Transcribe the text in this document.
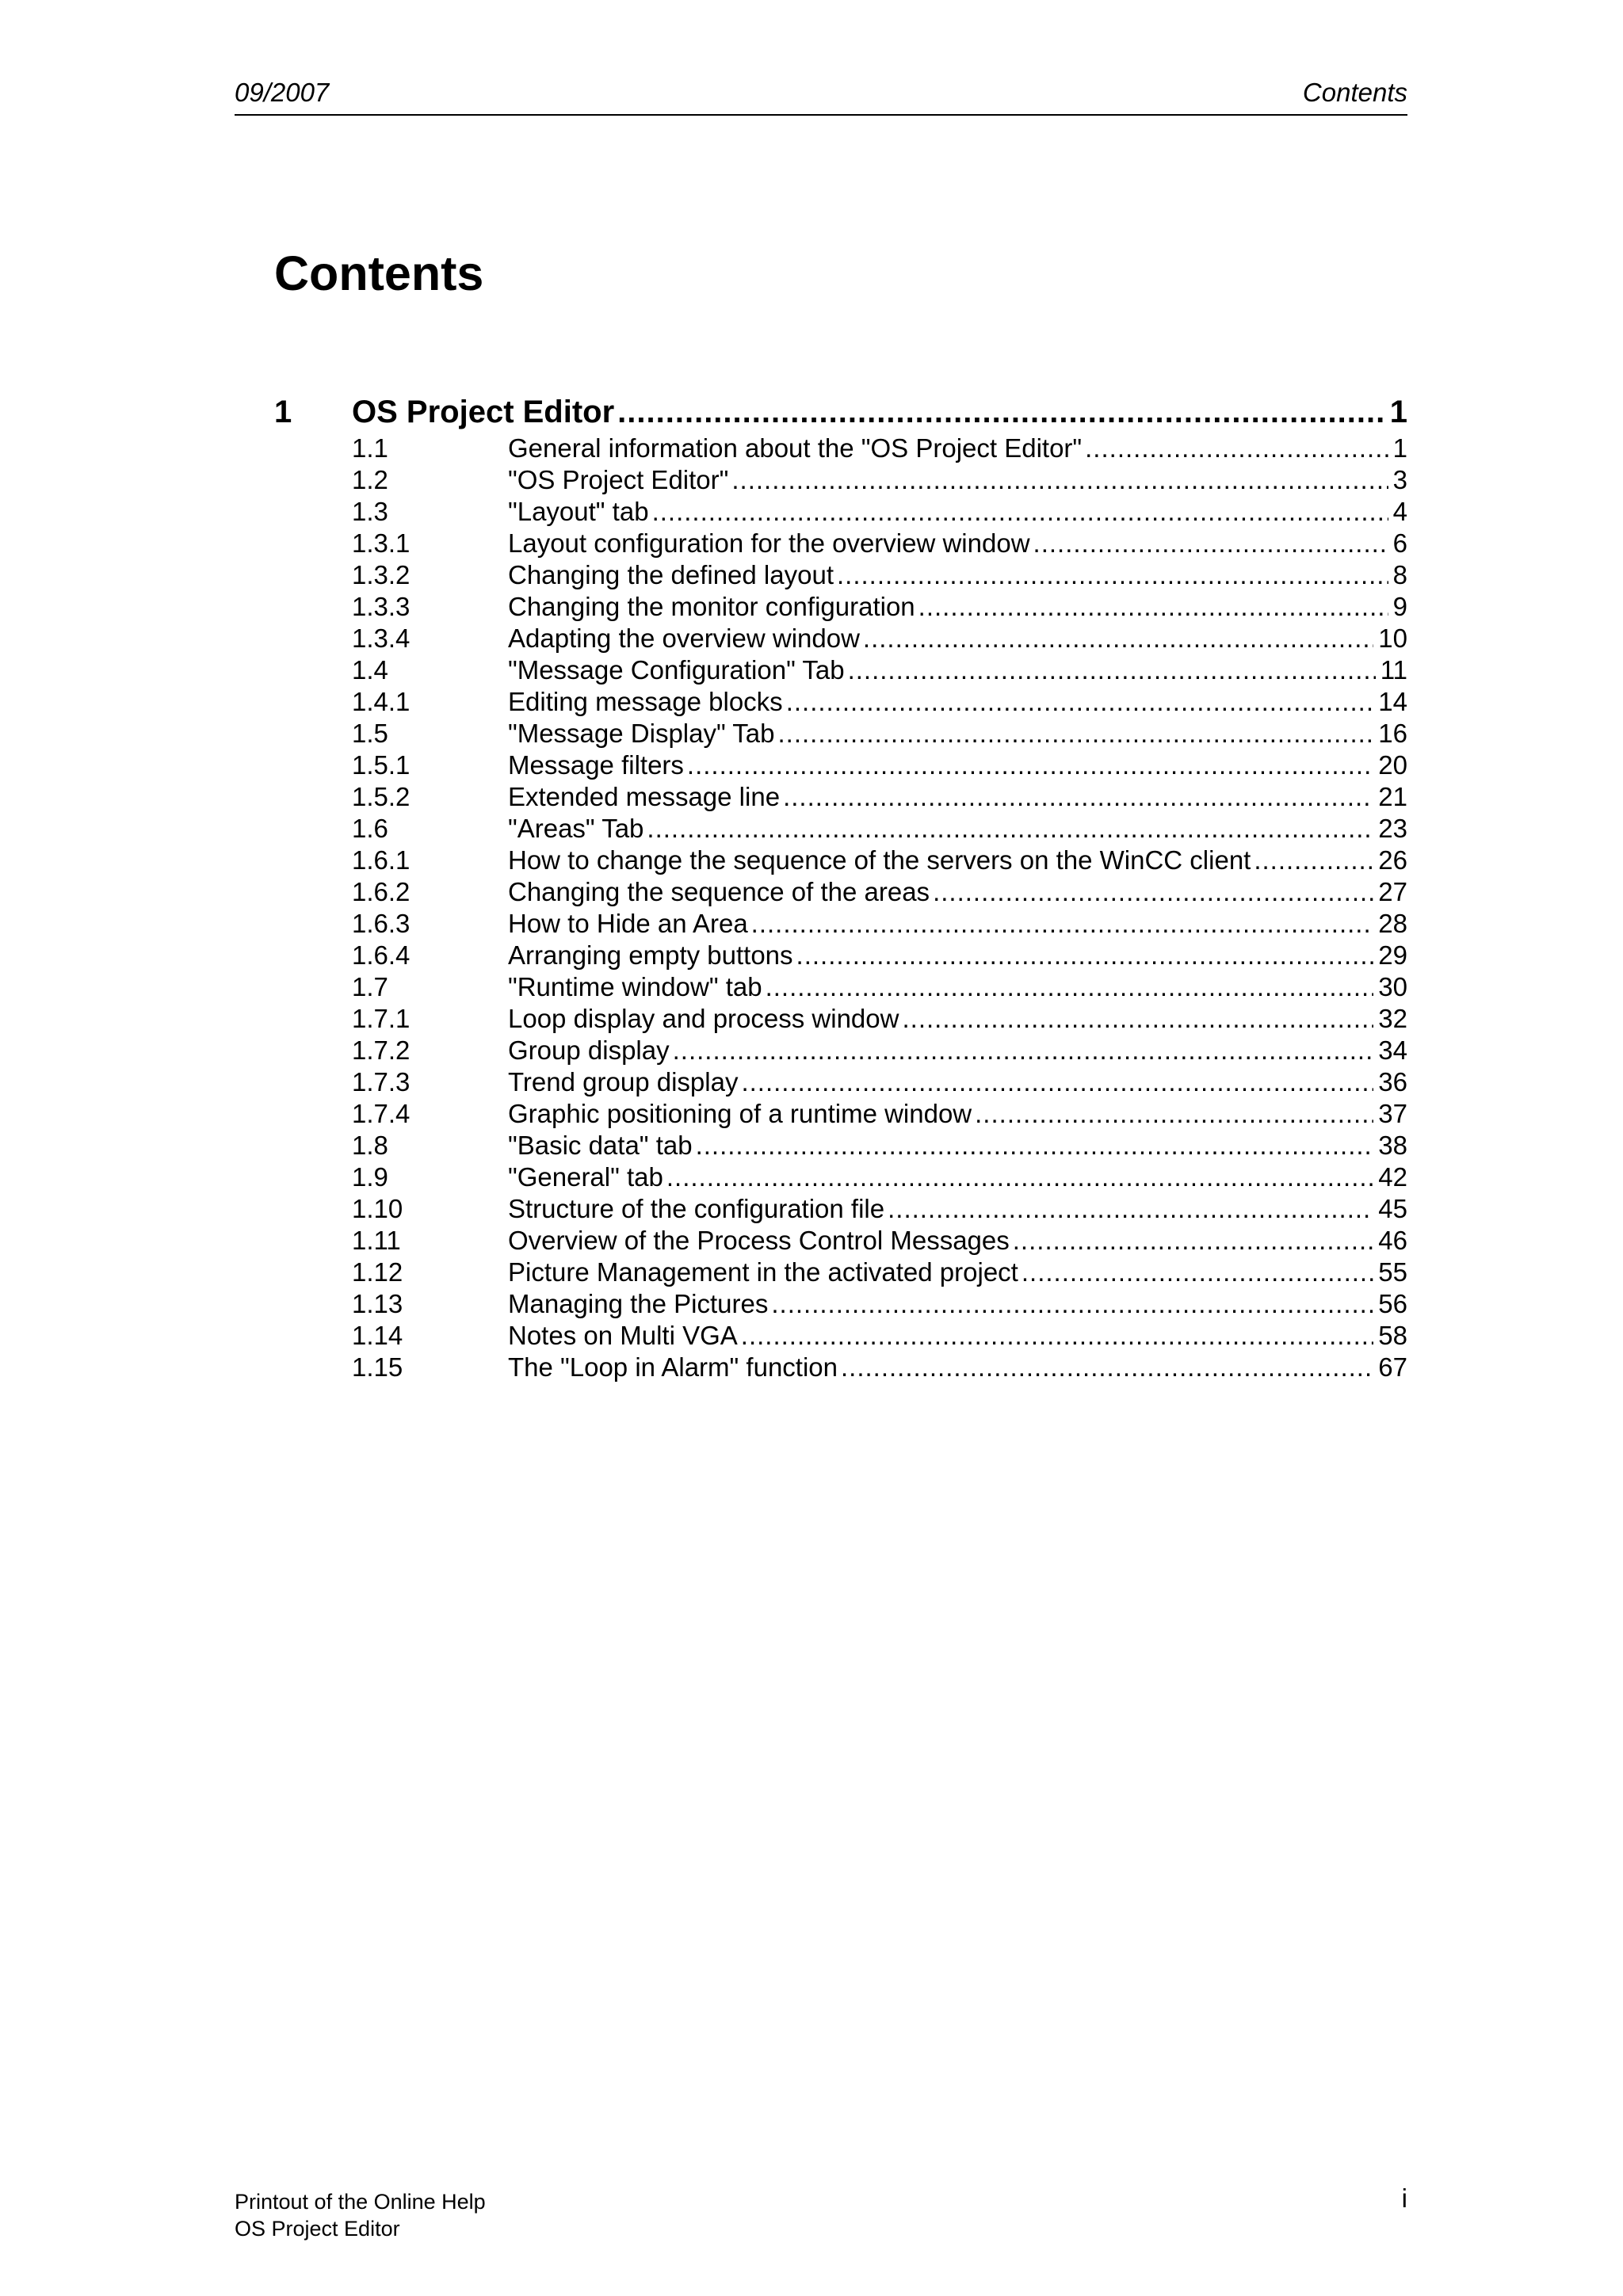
09/2007	Contents
Contents
1 OS Project Editor .....	1
1.1	General information about the "OS Project Editor" .....	1
1.2	"OS Project Editor" .....	3
1.3	"Layout" tab .....	4
1.3.1	Layout configuration for the overview window .....	6
1.3.2	Changing the defined layout .....	8
1.3.3	Changing the monitor configuration .....	9
1.3.4	Adapting the overview window .....	10
1.4	"Message Configuration" Tab .....	11
1.4.1	Editing message blocks .....	14
1.5	"Message Display" Tab .....	16
1.5.1	Message filters .....	20
1.5.2	Extended message line .....	21
1.6	"Areas" Tab .....	23
1.6.1	How to change the sequence of the servers on the WinCC client .....	26
1.6.2	Changing the sequence of the areas .....	27
1.6.3	How to Hide an Area .....	28
1.6.4	Arranging empty buttons .....	29
1.7	"Runtime window" tab .....	30
1.7.1	Loop display and process window .....	32
1.7.2	Group display .....	34
1.7.3	Trend group display .....	36
1.7.4	Graphic positioning of a runtime window .....	37
1.8	"Basic data" tab .....	38
1.9	"General" tab .....	42
1.10	Structure of the configuration file .....	45
1.11	Overview of the Process Control Messages .....	46
1.12	Picture Management in the activated project .....	55
1.13	Managing the Pictures .....	56
1.14	Notes on Multi VGA .....	58
1.15	The "Loop in Alarm" function .....	67
Printout of the Online Help
OS Project Editor
i
